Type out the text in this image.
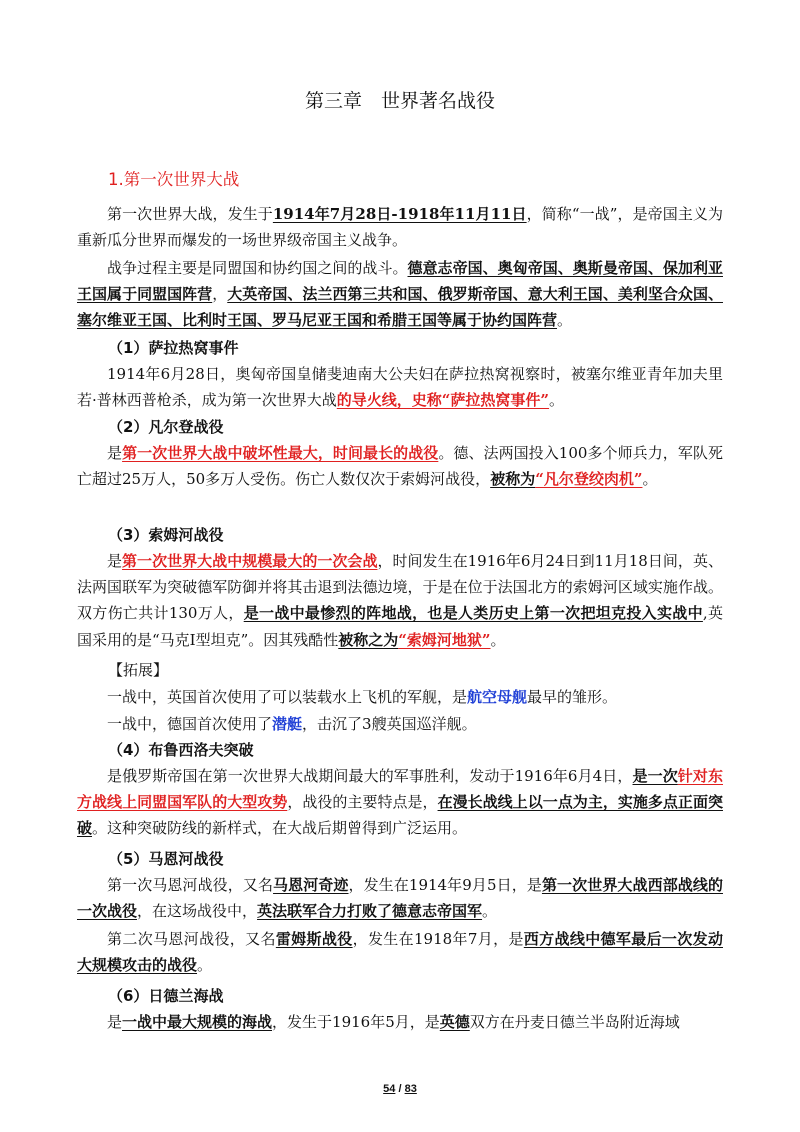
第三章　世界著名战役
1.第一次世界大战

第一次世界大战，发生于1914年7月28日-1918年11月11日，简称“一战”，是帝国主义为重新瓜分世界而爆发的一场世界级帝国主义战争。

战争过程主要是同盟国和协约国之间的战斗。德意志帝国、奥匈帝国、奥斯曼帝国、保加利亚王国属于同盟国阵营，大英帝国、法兰西第三共和国、俄罗斯帝国、意大利王国、美利坚合众国、塞尔维亚王国、比利时王国、罗马尼亚王国和希腊王国等属于协约国阵营。

（1）萨拉热窝事件

1914年6月28日，奥匈帝国皇储斐迪南大公夫妇在萨拉热窝视察时，被塞尔维亚青年加夫里若·普林西普枪杀，成为第一次世界大战的导火线，史称“萨拉热窝事件”。

（2）凡尔登战役

是第一次世界大战中破坏性最大，时间最长的战役。德、法两国投入100多个师兵力，军队死亡超过25万人，50多万人受伤。伤亡人数仅次于索姆河战役，被称为“凡尔登绞肉机”。

（3）索姆河战役

是第一次世界大战中规模最大的一次会战，时间发生在1916年6月24日到11月18日间，英、法两国联军为突破德军防御并将其击退到法德边境，于是在位于法国北方的索姆河区域实施作战。双方伤亡共计130万人，是一战中最惨烈的阵地战，也是人类历史上第一次把坦克投入实战中,英国采用的是“马克Ⅰ型坦克”。因其残酷性被称之为“索姆河地狱”。

【拓展】

一战中，英国首次使用了可以装载水上飞机的军舰，是航空母舰最早的雏形。

一战中，德国首次使用了潜艇，击沉了3艘英国巡洋舰。

（4）布鲁西洛夫突破

是俄罗斯帝国在第一次世界大战期间最大的军事胜利，发动于1916年6月4日，是一次针对东方战线上同盟国军队的大型攻势，战役的主要特点是，在漫长战线上以一点为主，实施多点正面突破。这种突破防线的新样式，在大战后期曾得到广泛运用。

（5）马恩河战役

第一次马恩河战役，又名马恩河奇迹，发生在1914年9月5日，是第一次世界大战西部战线的一次战役，在这场战役中，英法联军合力打败了德意志帝国军。

第二次马恩河战役，又名雷姆斯战役，发生在1918年7月，是西方战线中德军最后一次发动大规模攻击的战役。

（6）日德兰海战

是一战中最大规模的海战，发生于1916年5月，是英德双方在丹麦日德兰半岛附近海域

54 / 83
